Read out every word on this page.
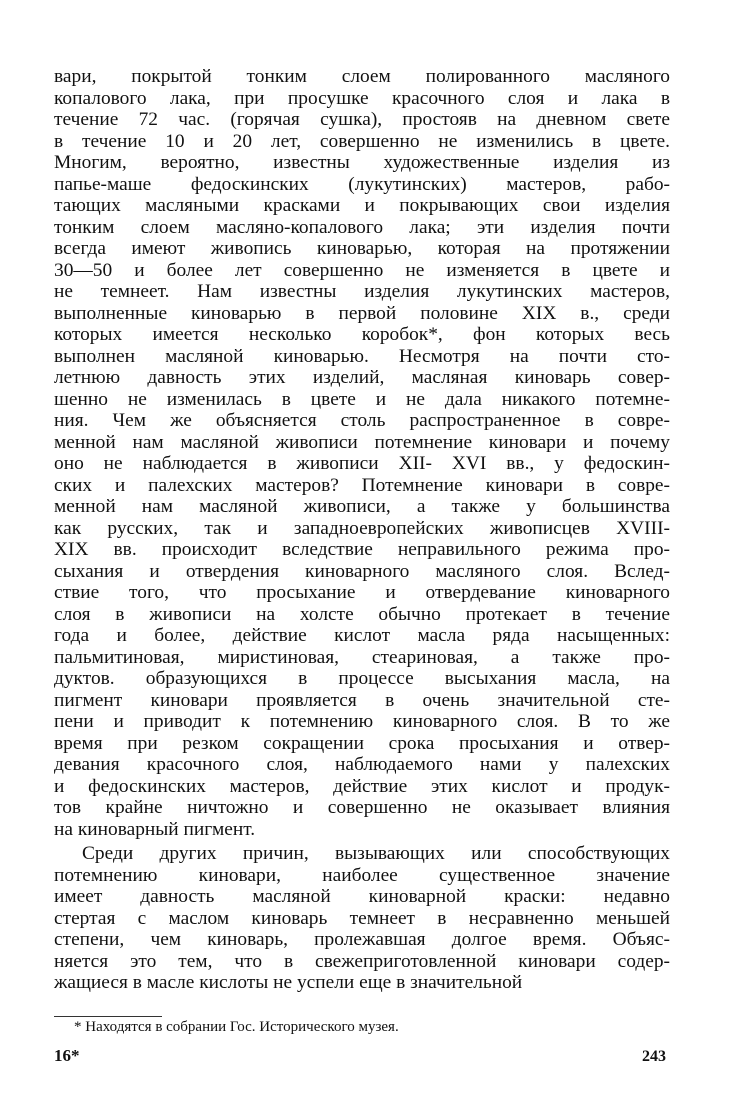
вари, покрытой тонким слоем полированного масляного
копалового лака, при просушке красочного слоя и лака в
течение 72 час. (горячая сушка), простояв на дневном свете
в течение 10 и 20 лет, совершенно не изменились в цвете.
Многим, вероятно, известны художественные изделия из
папье-маше федоскинских (лукутинских) мастеров, рабо-
тающих масляными красками и покрывающих свои изделия
тонким слоем масляно-копалового лака; эти изделия почти
всегда имеют живопись киноварью, которая на протяжении
30—50 и более лет совершенно не изменяется в цвете и
не темнеет. Нам известны изделия лукутинских мастеров,
выполненные киноварью в первой половине XIX в., среди
которых имеется несколько коробок*, фон которых весь
выполнен масляной киноварью. Несмотря на почти сто-
летнюю давность этих изделий, масляная киноварь совер-
шенно не изменилась в цвете и не дала никакого потемне-
ния. Чем же объясняется столь распространенное в совре-
менной нам масляной живописи потемнение киновари и почему
оно не наблюдается в живописи XII- XVI вв., у федоскин-
ских и палехских мастеров? Потемнение киновари в совре-
менной нам масляной живописи, а также у большинства
как русских, так и западноевропейских живописцев XVIII-
XIX вв. происходит вследствие неправильного режима про-
сыхания и отвердения киноварного масляного слоя. Вслед-
ствие того, что просыхание и отвердевание киноварного
слоя в живописи на холсте обычно протекает в течение
года и более, действие кислот масла ряда насыщенных:
пальмитиновая, миристиновая, стеариновая, а также про-
дуктов. образующихся в процессе высыхания масла, на
пигмент киновари проявляется в очень значительной сте-
пени и приводит к потемнению киноварного слоя. В то же
время при резком сокращении срока просыхания и отвер-
девания красочного слоя, наблюдаемого нами у палехских
и федоскинских мастеров, действие этих кислот и продук-
тов крайне ничтожно и совершенно не оказывает влияния
на киноварный пигмент.
Среди других причин, вызывающих или способствующих
потемнению киновари, наиболее существенное значение
имеет давность масляной киноварной краски: недавно
стертая с маслом киноварь темнеет в несравненно меньшей
степени, чем киноварь, пролежавшая долгое время. Объяс-
няется это тем, что в свежеприготовленной киновари содер-
жащиеся в масле кислоты не успели еще в значительной
* Находятся в собрании Гос. Исторического музея.
16*	243
